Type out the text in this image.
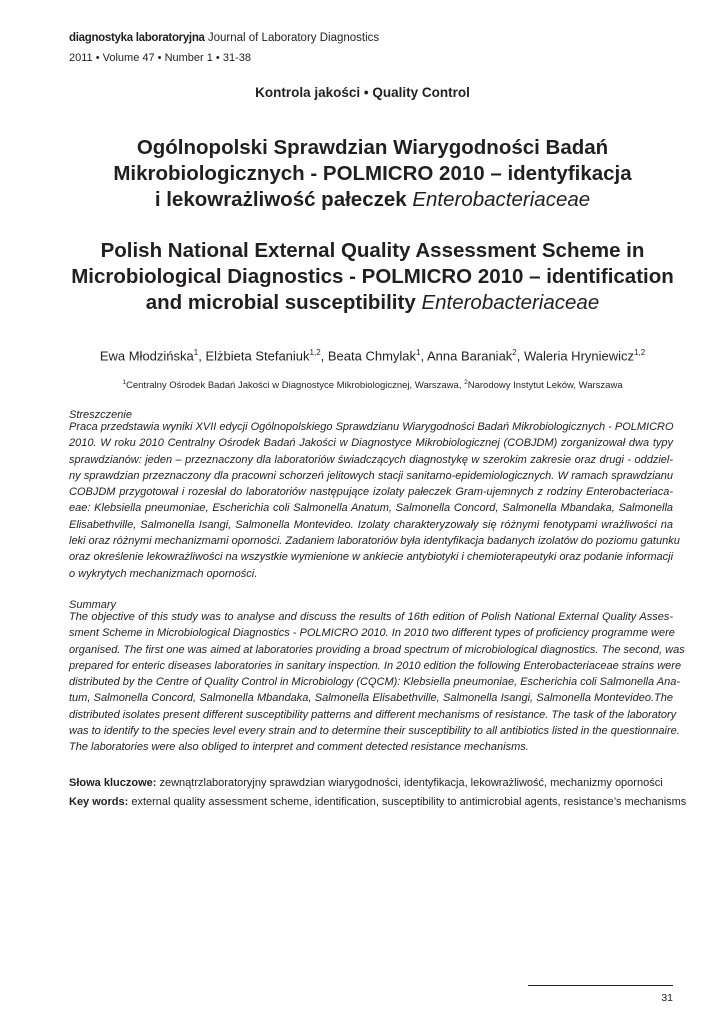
diagnostyka laboratoryjna Journal of Laboratory Diagnostics
2011 • Volume 47 • Number 1 • 31-38
Kontrola jakości • Quality Control
Ogólnopolski Sprawdzian Wiarygodności Badań
Mikrobiologicznych - POLMICRO 2010 – identyfikacja
i lekowrażliwość pałeczek Enterobacteriaceae
Polish National External Quality Assessment Scheme in
Microbiological Diagnostics - POLMICRO 2010 – identification
and microbial susceptibility Enterobacteriaceae
Ewa Młodzińska$^1$, Elżbieta Stefaniuk$^{1,2}$, Beata Chmylak$^1$, Anna Baraniak$^2$, Waleria Hryniewicz$^{1,2}$
$^1$Centralny Ośrodek Badań Jakości w Diagnostyce Mikrobiologicznej, Warszawa, $^2$Narodowy Instytut Leków, Warszawa
Streszczenie

Praca przedstawia wyniki XVII edycji Ogólnopolskiego Sprawdzianu Wiarygodności Badań Mikrobiologicznych - POLMICRO
2010. W roku 2010 Centralny Ośrodek Badań Jakości w Diagnostyce Mikrobiologicznej (COBJDM) zorganizował dwa typy
sprawdzianów: jeden – przeznaczony dla laboratoriów świadczących diagnostykę w szerokim zakresie oraz drugi - oddziel-
ny sprawdzian przeznaczony dla pracowni schorzeń jelitowych stacji sanitarno-epidemiologicznych. W ramach sprawdzianu
COBJDM przygotował i rozesłał do laboratoriów następujące izolaty pałeczek Gram-ujemnych z rodziny Enterobacteriaca-
eae: Klebsiella pneumoniae, Escherichia coli Salmonella Anatum, Salmonella Concord, Salmonella Mbandaka, Salmonella
Elisabethville, Salmonella Isangi, Salmonella Montevideo. Izolaty charakteryzowały się różnymi fenotypami wrażliwości na
leki oraz różnymi mechanizmami oporności. Zadaniem laboratoriów była identyfikacja badanych izolatów do poziomu gatunku
oraz określenie lekowrażliwości na wszystkie wymienione w ankiecie antybiotyki i chemioterapeutyki oraz podanie informacji
o wykrytych mechanizmach oporności.

Summary

The objective of this study was to analyse and discuss the results of 16th edition of Polish National External Quality Asses-
sment Scheme in Microbiological Diagnostics - POLMICRO 2010. In 2010 two different types of proficiency programme were
organised. The first one was aimed at laboratories providing a broad spectrum of microbiological diagnostics. The second, was
prepared for enteric diseases laboratories in sanitary inspection. In 2010 edition the following Enterobacteriaceae strains were
distributed by the Centre of Quality Control in Microbiology (CQCM): Klebsiella pneumoniae, Escherichia coli Salmonella Ana-
tum, Salmonella Concord, Salmonella Mbandaka, Salmonella Elisabethville, Salmonella Isangi, Salmonella Montevideo.The
distributed isolates present different susceptibility patterns and different mechanisms of resistance. The task of the laboratory
was to identify to the species level every strain and to determine their susceptibility to all antibiotics listed in the questionnaire.
The laboratories were also obliged to interpret and comment detected resistance mechanisms.

Słowa kluczowe: zewnątrzlaboratoryjny sprawdzian wiarygodności, identyfikacja, lekowrażliwość, mechanizmy oporności
Key words: external quality assessment scheme, identification, susceptibility to antimicrobial agents, resistance’s mechanisms
31
